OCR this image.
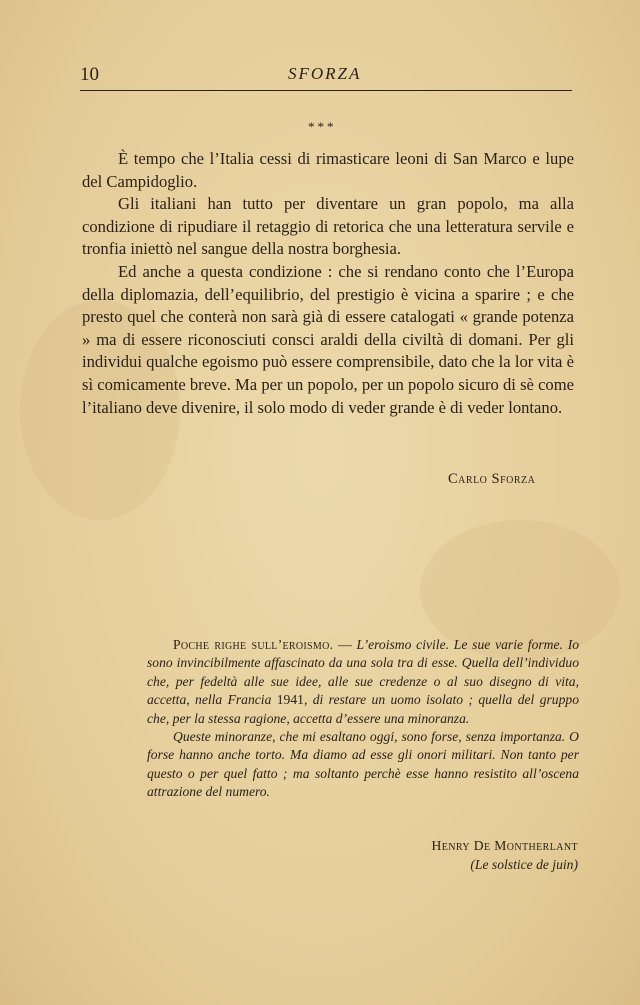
10	SFORZA
***

È tempo che l’Italia cessi di rimasticare leoni di San Marco e lupe del Campidoglio.

Gli italiani han tutto per diventare un gran popolo, ma alla condizione di ripudiare il retaggio di retorica che una letteratura servile e tronfia iniettò nel sangue della nostra borghesia.

Ed anche a questa condizione : che si rendano conto che l’Europa della diplomazia, dell’equilibrio, del prestigio è vicina a sparire ; e che presto quel che conterà non sarà già di essere catalogati « grande potenza » ma di essere riconosciuti consci araldi della civiltà di domani. Per gli individui qualche egoismo può essere comprensibile, dato che la lor vita è sì comicamente breve. Ma per un popolo, per un popolo sicuro di sè come l’italiano deve divenire, il solo modo di veder grande è di veder lontano.

Carlo Sforza

Poche righe sull’eroismo. — L’eroismo civile. Le sue varie forme. Io sono invincibilmente affascinato da una sola tra di esse. Quella dell’individuo che, per fedeltà alle sue idee, alle sue credenze o al suo disegno di vita, accetta, nella Francia 1941, di restare un uomo isolato ; quella del gruppo che, per la stessa ragione, accetta d’essere una minoranza.

Queste minoranze, che mi esaltano oggi, sono forse, senza importanza. O forse hanno anche torto. Ma diamo ad esse gli onori militari. Non tanto per questo o per quel fatto ; ma soltanto perchè esse hanno resistito all’oscena attrazione del numero.

Henry De Montherlant
(Le solstice de juin)
